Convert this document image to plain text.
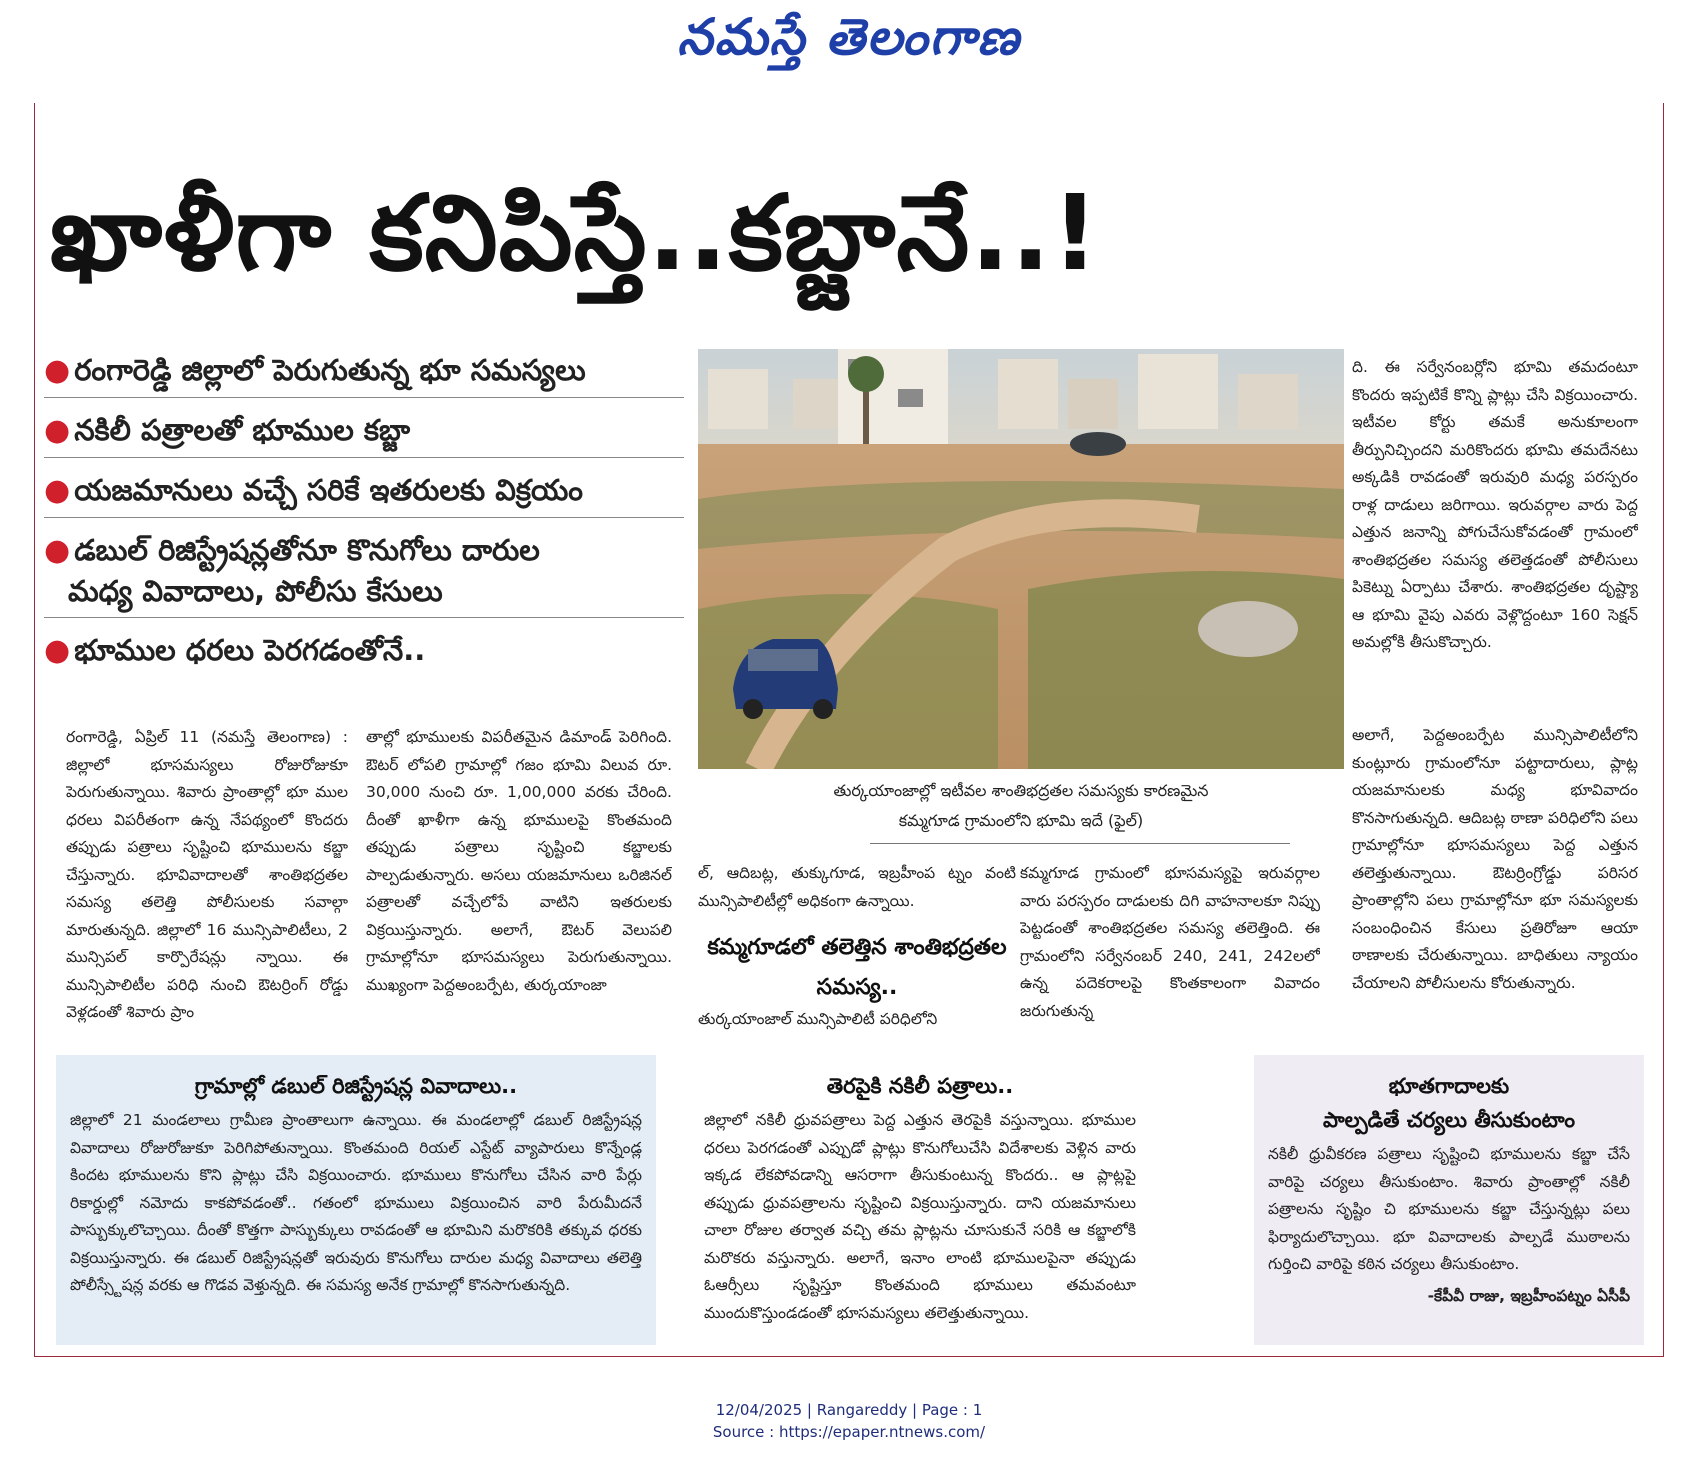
నమస్తే తెలంగాణ
ఖాళీగా కనిపిస్తే..కబ్జానే..!
● రంగారెడ్డి జిల్లాలో పెరుగుతున్న భూ సమస్యలు
● నకిలీ పత్రాలతో భూముల కబ్జా
● యజమానులు వచ్చే సరికే ఇతరులకు విక్రయం
● డబుల్ రిజిస్ట్రేషన్లతోనూ కొనుగోలు దారుల
మధ్య వివాదాలు, పోలీసు కేసులు
● భూముల ధరలు పెరగడంతోనే..
రంగారెడ్డి, ఏప్రిల్ 11 (నమస్తే తెలంగాణ) : జిల్లాలో భూసమస్యలు రోజురోజుకూ పెరుగుతున్నాయి. శివారు ప్రాంతాల్లో భూ ముల ధరలు విపరీతంగా ఉన్న నేపథ్యంలో కొందరు తప్పుడు పత్రాలు సృష్టించి భూములను కబ్జా చేస్తున్నారు. భూవివాదాలతో శాంతిభద్రతల సమస్య తలెత్తి పోలీసులకు సవాల్గా మారుతున్నది. జిల్లాలో 16 మున్సిపాలిటీలు, 2 మున్సిపల్ కార్పొరేషన్లు న్నాయి. ఈ మున్సిపాలిటీల పరిధి నుంచి ఔటర్రింగ్ రోడ్డు వెళ్లడంతో శివారు ప్రాం
తాల్లో భూములకు విపరీతమైన డిమాండ్ పెరిగింది. ఔటర్ లోపలి గ్రామాల్లో గజం భూమి విలువ రూ. 30,000 నుంచి రూ. 1,00,000 వరకు చేరింది. దీంతో ఖాళీగా ఉన్న భూములపై కొంతమంది తప్పుడు పత్రాలు సృష్టించి కబ్జాలకు పాల్పడుతున్నారు. అసలు యజమానులు ఒరిజినల్ పత్రాలతో వచ్చేలోపే వాటిని ఇతరులకు విక్రయిస్తున్నారు. అలాగే, ఔటర్ వెలుపలి గ్రామాల్లోనూ భూసమస్యలు పెరుగుతున్నాయి. ముఖ్యంగా పెద్దఅంబర్పేట, తుర్కయాంజా
తుర్కయాంజాల్లో ఇటీవల శాంతిభద్రతల సమస్యకు కారణమైన
కమ్మగూడ గ్రామంలోని భూమి ఇదే (ఫైల్)
ల్, ఆదిబట్ల, తుక్కుగూడ, ఇబ్రహీంప ట్నం వంటి మున్సిపాలిటీల్లో అధికంగా ఉన్నాయి.
కమ్మగూడలో తలెత్తిన శాంతిభద్రతల సమస్య..
తుర్కయాంజాల్ మున్సిపాలిటీ పరిధిలోని
కమ్మగూడ గ్రామంలో భూసమస్యపై ఇరువర్గాల వారు పరస్పరం దాడులకు దిగి వాహనాలకూ నిప్పు పెట్టడంతో శాంతిభద్రతల సమస్య తలెత్తింది. ఈ గ్రామంలోని సర్వేనంబర్ 240, 241, 242లలో ఉన్న పదెకరాలపై కొంతకాలంగా వివాదం జరుగుతున్న
ది. ఈ సర్వేనంబర్లోని భూమి తమదంటూ కొందరు ఇప్పటికే కొన్ని ప్లాట్లు చేసి విక్రయించారు. ఇటీవల కోర్టు తమకే అనుకూలంగా తీర్పునిచ్చిందని మరికొందరు భూమి తమదేనటు అక్కడికి రావడంతో ఇరువురి మధ్య పరస్పరం రాళ్ల దాడులు జరిగాయి. ఇరువర్గాల వారు పెద్ద ఎత్తున జనాన్ని పోగుచేసుకోవడంతో గ్రామంలో శాంతిభద్రతల సమస్య తలెత్తడంతో పోలీసులు పికెట్ను ఏర్పాటు చేశారు. శాంతిభద్రతల దృష్ట్యా ఆ భూమి వైపు ఎవరు వెళ్లొద్దంటూ 160 సెక్షన్ అమల్లోకి తీసుకొచ్చారు.
అలాగే, పెద్దఅంబర్పేట మున్సిపాలిటీలోని కుంట్లూరు గ్రామంలోనూ పట్టాదారులు, ప్లాట్ల యజమానులకు మధ్య భూవివాదం కొనసాగుతున్నది. ఆదిబట్ల ఠాణా పరిధిలోని పలు గ్రామాల్లోనూ భూసమస్యలు పెద్ద ఎత్తున తలెత్తుతున్నాయి. ఔటర్రింగ్రోడ్డు పరిసర ప్రాంతాల్లోని పలు గ్రామాల్లోనూ భూ సమస్యలకు సంబంధించిన కేసులు ప్రతిరోజూ ఆయా ఠాణాలకు చేరుతున్నాయి. బాధితులు న్యాయం చేయాలని పోలీసులను కోరుతున్నారు.
గ్రామాల్లో డబుల్ రిజిస్ట్రేషన్ల వివాదాలు..
జిల్లాలో 21 మండలాలు గ్రామీణ ప్రాంతాలుగా ఉన్నాయి. ఈ మండలాల్లో డబుల్ రిజిస్ట్రేషన్ల వివాదాలు రోజురోజుకూ పెరిగిపోతున్నాయి. కొంతమంది రియల్ ఎస్టేట్ వ్యాపారులు కొన్నేండ్ల కిందట భూములను కొని ప్లాట్లు చేసి విక్రయించారు. భూములు కొనుగోలు చేసిన వారి పేర్లు రికార్డుల్లో నమోదు కాకపోవడంతో.. గతంలో భూములు విక్రయించిన వారి పేరుమీదనే పాస్బుక్కులొచ్చాయి. దీంతో కొత్తగా పాస్బుక్కులు రావడంతో ఆ భూమిని మరొకరికి తక్కువ ధరకు విక్రయిస్తున్నారు. ఈ డబుల్ రిజిస్ట్రేషన్లతో ఇరువురు కొనుగోలు దారుల మధ్య వివాదాలు తలెత్తి పోలీస్స్టేషన్ల వరకు ఆ గొడవ వెళ్తున్నది. ఈ సమస్య అనేక గ్రామాల్లో కొనసాగుతున్నది.
తెరపైకి నకిలీ పత్రాలు..
జిల్లాలో నకిలీ ధ్రువపత్రాలు పెద్ద ఎత్తున తెరపైకి వస్తున్నాయి. భూముల ధరలు పెరగడంతో ఎప్పుడో ప్లాట్లు కొనుగోలుచేసి విదేశాలకు వెళ్లిన వారు ఇక్కడ లేకపోవడాన్ని ఆసరాగా తీసుకుంటున్న కొందరు.. ఆ ప్లాట్లపై తప్పుడు ధ్రువపత్రాలను సృష్టించి విక్రయిస్తున్నారు. దాని యజమానులు చాలా రోజుల తర్వాత వచ్చి తమ ప్లాట్లను చూసుకునే సరికి ఆ కబ్జాలోకి మరొకరు వస్తున్నారు. అలాగే, ఇనాం లాంటి భూములపైనా తప్పుడు ఓఆర్సీలు సృష్టిస్తూ కొంతమంది భూములు తమవంటూ ముందుకొస్తుండడంతో భూసమస్యలు తలెత్తుతున్నాయి.
భూతగాదాలకు
పాల్పడితే చర్యలు తీసుకుంటాం
నకిలీ ధ్రువీకరణ పత్రాలు సృష్టించి భూములను కబ్జా చేసే వారిపై చర్యలు తీసుకుంటాం. శివారు ప్రాంతాల్లో నకిలీ పత్రాలను సృష్టిం చి భూములను కబ్జా చేస్తున్నట్లు పలు ఫిర్యాదులొచ్చాయి. భూ వివాదాలకు పాల్పడే ముఠాలను గుర్తించి వారిపై కఠిన చర్యలు తీసుకుంటాం.
-కేపీవీ రాజు, ఇబ్రహీంపట్నం ఏసీపీ
12/04/2025 | Rangareddy | Page : 1
Source : https://epaper.ntnews.com/
